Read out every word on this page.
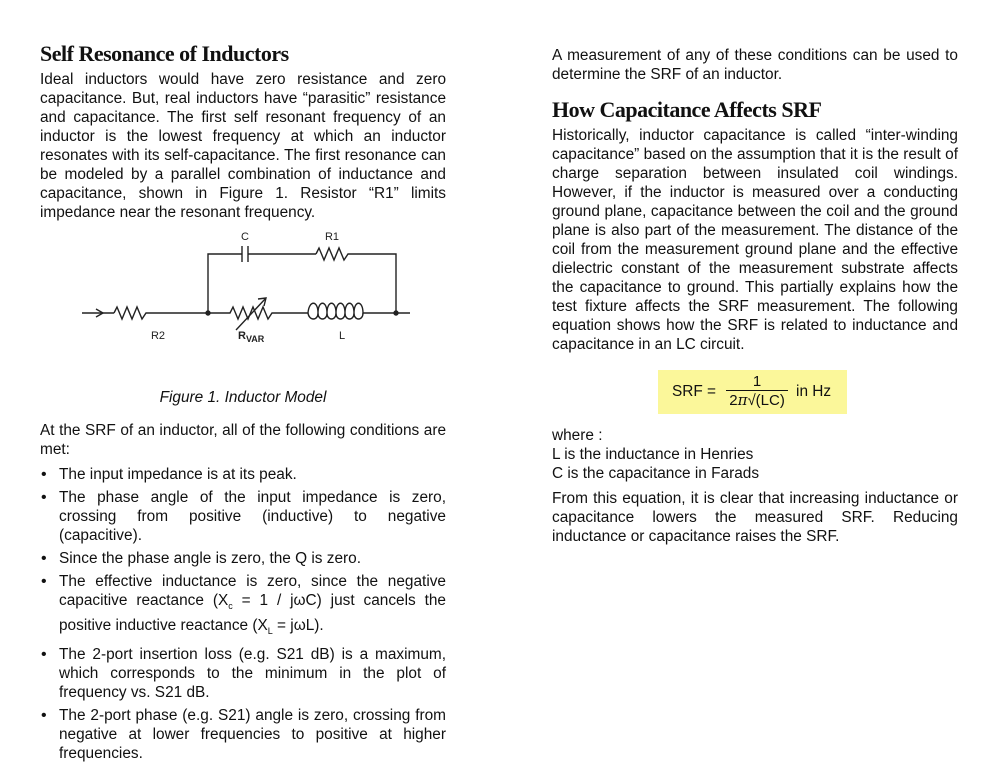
Self Resonance of Inductors

Ideal inductors would have zero resistance and zero capacitance. But, real inductors have “parasitic” resistance and capacitance. The first self resonant frequency of an inductor is the lowest frequency at which an inductor resonates with its self-capacitance. The first resonance can be modeled by a parallel combination of inductance and capacitance, shown in Figure 1. Resistor “R1” limits impedance near the resonant frequency.

C	R1
R2	$R_{VAR}$	L
Figure 1. Inductor Model

At the SRF of an inductor, all of the following conditions are met:

• The input impedance is at its peak.
• The phase angle of the input impedance is zero, crossing from positive (inductive) to negative (capacitive).
• Since the phase angle is zero, the Q is zero.
• The effective inductance is zero, since the negative capacitive reactance $(X_c = 1 / j\omega C)$ just cancels the positive inductive reactance $(X_L = j\omega L)$.
• The 2-port insertion loss (e.g. S21 dB) is a maximum, which corresponds to the minimum in the plot of frequency vs. S21 dB.
• The 2-port phase (e.g. S21) angle is zero, crossing from negative at lower frequencies to positive at higher frequencies.

A measurement of any of these conditions can be used to determine the SRF of an inductor.

How Capacitance Affects SRF

Historically, inductor capacitance is called “inter-winding capacitance” based on the assumption that it is the result of charge separation between insulated coil windings. However, if the inductor is measured over a conducting ground plane, capacitance between the coil and the ground plane is also part of the measurement. The distance of the coil from the measurement ground plane and the effective dielectric constant of the measurement substrate affects the capacitance to ground. This partially explains how the test fixture affects the SRF measurement. The following equation shows how the SRF is related to inductance and capacitance in an LC circuit.

SRF = $\frac{1}{2\pi√(LC)}$ in Hz

where :

L is the inductance in Henries

C is the capacitance in Farads

From this equation, it is clear that increasing inductance or capacitance lowers the measured SRF. Reducing inductance or capacitance raises the SRF.
